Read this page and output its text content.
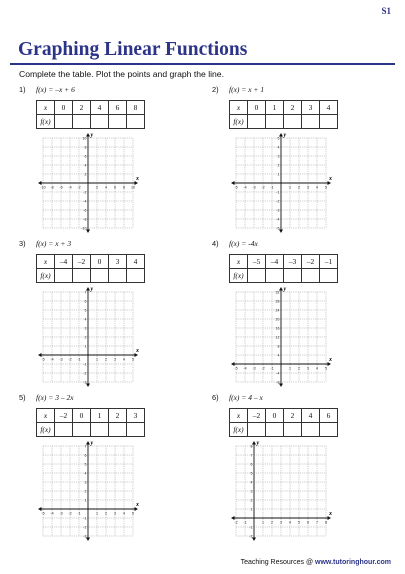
S1
Graphing Linear Functions
Complete the table. Plot the points and graph the line.
1) f(x) = –x + 6
x	0	2	4	6	8
f(x)					
x
y
-10 -8 -6 -4 -2	2 4 6 8 10
10
8
6
4
2
-2
-4
-6
-8
-10
2) f(x) = x + 1
x	0	1	2	3	4
f(x)					
x
y
-5 -4 -3 -2 -1	1 2 3 4 5
5
4
3
2
1
-1
-2
-3
-4
-5
3) f(x) = x + 3
x	–4	–2	0	3	4
f(x)					
x
y
-5 -4 -3 -2 -1	1 2 3 4 5
7
6
5
4
3
2
1
-1
-2
-3
4) f(x) = -4x
x	–5	–4	–3	–2	–1
f(x)					
x
y
-5 -4 -3 -2 -1	1 2 3 4 5
32
28
24
20
16
12
8
4
-4
-8
5) f(x) = 3 – 2x
x	–2	0	1	2	3
f(x)					
x
y
-5 -4 -3 -2 -1	1 2 3 4 5
7
6
5
4
3
2
1
-1
-2
-3
6) f(x) = 4 – x
x	–2	0	2	4	6
f(x)					
x
y
-2 -1	1 2 3 4 5 6 7 8
8
7
6
5
4
3
2
1
-1
-2
Teaching Resources @ www.tutoringhour.com
